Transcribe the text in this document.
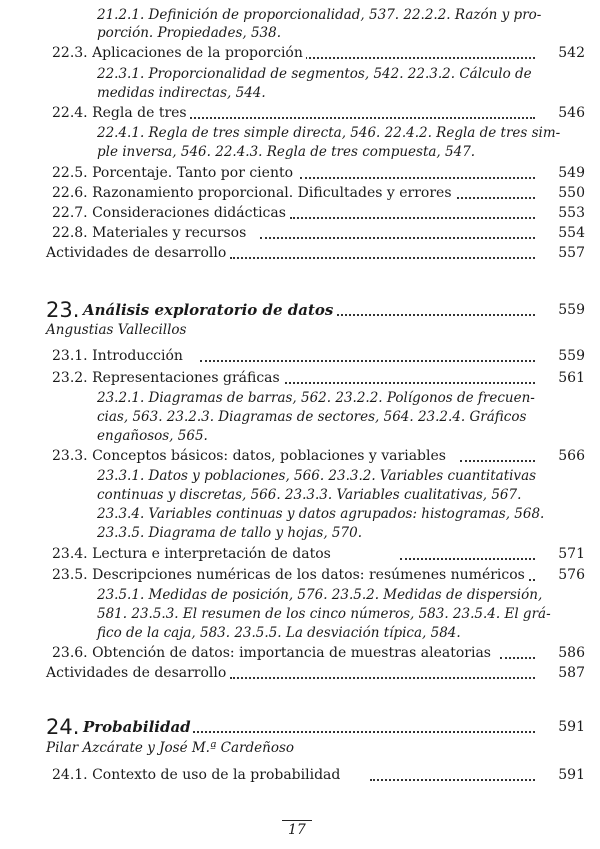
21.2.1. Definición de proporcionalidad, 537. 22.2.2. Razón y pro-
porción. Propiedades, 538.
22.3. Aplicaciones de la proporción	542
22.3.1. Proporcionalidad de segmentos, 542. 22.3.2. Cálculo de
medidas indirectas, 544.
22.4. Regla de tres	546
22.4.1. Regla de tres simple directa, 546. 22.4.2. Regla de tres sim-
ple inversa, 546. 22.4.3. Regla de tres compuesta, 547.
22.5. Porcentaje. Tanto por ciento	549
22.6. Razonamiento proporcional. Dificultades y errores	550
22.7. Consideraciones didácticas	553
22.8. Materiales y recursos	554
Actividades de desarrollo	557
23. Análisis exploratorio de datos	559
Angustias Vallecillos
23.1. Introducción	559
23.2. Representaciones gráficas	561
23.2.1. Diagramas de barras, 562. 23.2.2. Polígonos de frecuen-
cias, 563. 23.2.3. Diagramas de sectores, 564. 23.2.4. Gráficos
engañosos, 565.
23.3. Conceptos básicos: datos, poblaciones y variables	566
23.3.1. Datos y poblaciones, 566. 23.3.2. Variables cuantitativas
continuas y discretas, 566. 23.3.3. Variables cualitativas, 567.
23.3.4. Variables continuas y datos agrupados: histogramas, 568.
23.3.5. Diagrama de tallo y hojas, 570.
23.4. Lectura e interpretación de datos	571
23.5. Descripciones numéricas de los datos: resúmenes numéricos	576
23.5.1. Medidas de posición, 576. 23.5.2. Medidas de dispersión,
581. 23.5.3. El resumen de los cinco números, 583. 23.5.4. El grá-
fico de la caja, 583. 23.5.5. La desviación típica, 584.
23.6. Obtención de datos: importancia de muestras aleatorias	586
Actividades de desarrollo	587
24. Probabilidad	591
Pilar Azcárate y José M.ª Cardeñoso
24.1. Contexto de uso de la probabilidad	591
17
